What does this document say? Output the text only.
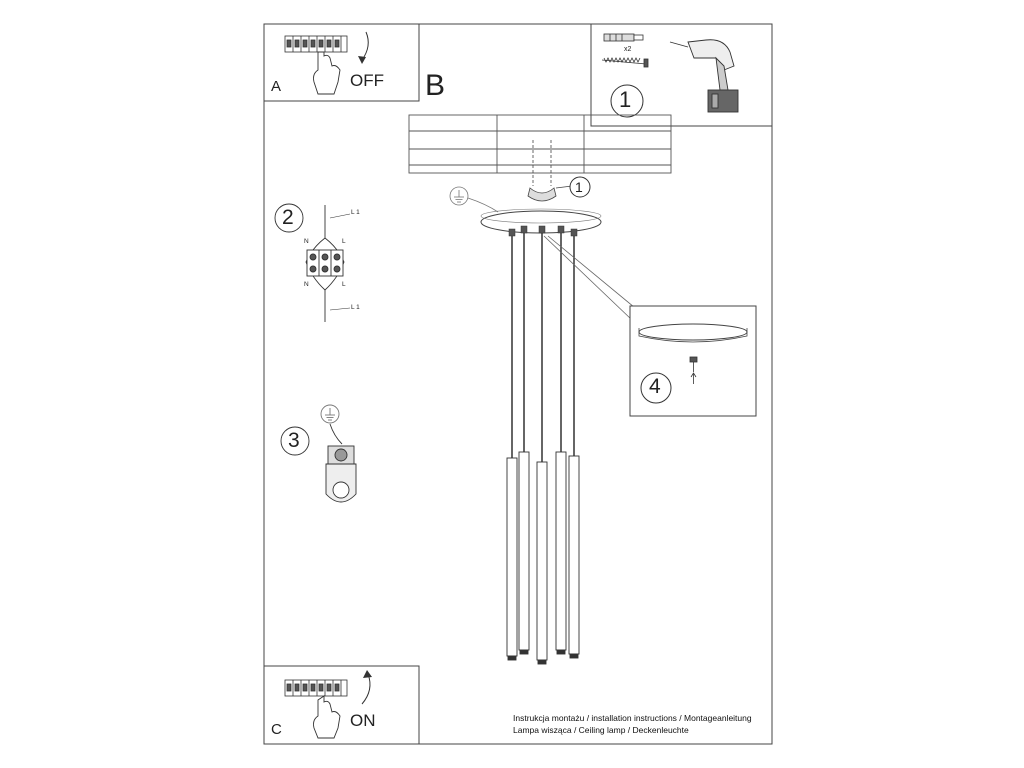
A	OFF B
x2
1
1
2	L 1
N	L
N	L
L 1
3
4
C	ON	Instrukcja montażu / installation instructions / Montageanleitung
Lampa wisząca / Ceiling lamp / Deckenleuchte
